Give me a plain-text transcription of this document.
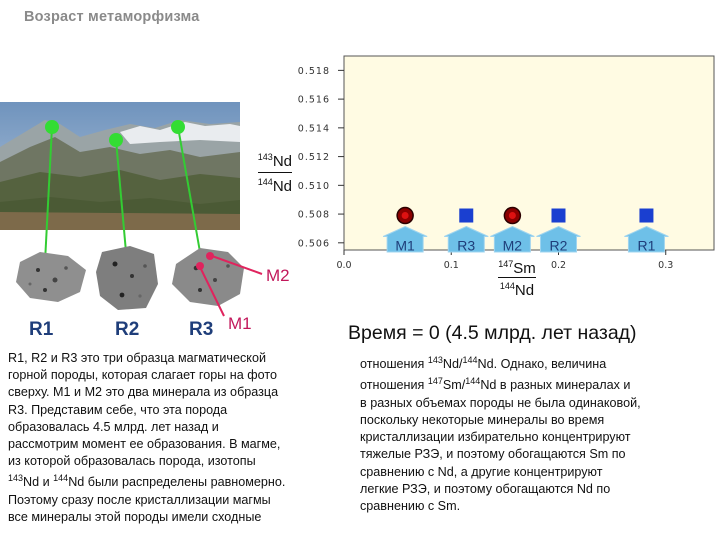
Возраст метаморфизма
M2
M1
R1	R2	R3
$^{143}$Nd
$^{144}$Nd
0.506
0.508
0.510
0.512
0.514
0.516
0.518
0.0	0.1	0.2	0.3
M1	R3 M2 R2	R1
$^{147}$Sm
$^{144}$Nd
Время = 0 (4.5 млрд. лет назад)
R1, R2 и R3 это три образца магматической
горной породы, которая слагает горы на фото
сверху. М1 и М2 это два минерала из образца
R3. Представим себе, что эта порода
образовалась 4.5 млрд. лет назад и
рассмотрим момент ее образования. В магме,
из которой образовалась порода, изотопы
$^{143}$Nd и $^{144}$Nd были распределены равномерно.
Поэтому сразу после кристаллизации магмы
все минералы этой породы имели сходные
отношения $^{143}$Nd/$^{144}$Nd. Однако, величина
отношения $^{147}$Sm/$^{144}$Nd в разных минералах и
в разных объемах породы не была одинаковой,
поскольку некоторые минералы во время
кристаллизации избирательно концентрируют
тяжелые РЗЭ, и поэтому обогащаются Sm по
сравнению с Nd, а другие концентрируют
легкие РЗЭ, и поэтому обогащаются Nd по
сравнению с Sm.
